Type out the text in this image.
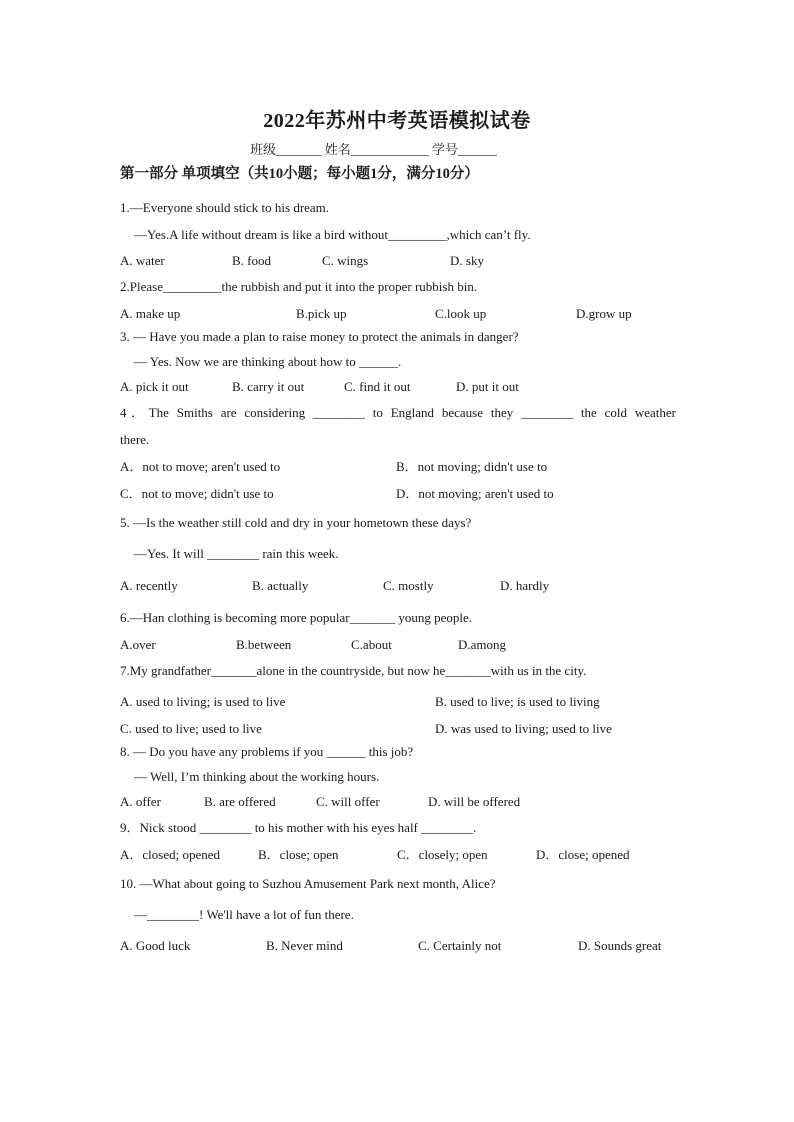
2022年苏州中考英语模拟试卷
班级_______ 姓名____________ 学号______
第一部分 单项填空（共10小题；每小题1分，满分10分）
1.—Everyone should stick to his dream.
—Yes.A life without dream is like a bird without_________,which can’t fly.
A. water	B. food	C. wings	D. sky
2.Please_________the rubbish and put it into the proper rubbish bin.
A. make up	B.pick up	C.look up	D.grow up
3. — Have you made a plan to raise money to protect the animals in danger?
— Yes. Now we are thinking about how to ______.
A. pick it out	B. carry it out	C. find it out	D. put it out
4．The Smiths are considering ________ to England because they ________ the cold weather
there.
A．not to move; aren't used to	B．not moving; didn't use to
C．not to move; didn't use to	D．not moving; aren't used to
5. —Is the weather still cold and dry in your hometown these days?
—Yes. It will ________ rain this week.
A. recently	B. actually	C. mostly	D. hardly
6.—Han clothing is becoming more popular_______ young people.
A.over	B.between	C.about	D.among
7.My grandfather_______alone in the countryside, but now he_______with us in the city.
A. used to living; is used to live	B. used to live; is used to living
C. used to live; used to live	D. was used to living; used to live
8. — Do you have any problems if you ______ this job?
— Well, I’m thinking about the working hours.
A. offer	B. are offered	C. will offer	D. will be offered
9．Nick stood ________ to his mother with his eyes half ________.
A．closed; opened	B．close; open	C．closely; open	D．close; opened
10. —What about going to Suzhou Amusement Park next month, Alice?
—________! We'll have a lot of fun there.
A. Good luck	B. Never mind	C. Certainly not	D. Sounds great
